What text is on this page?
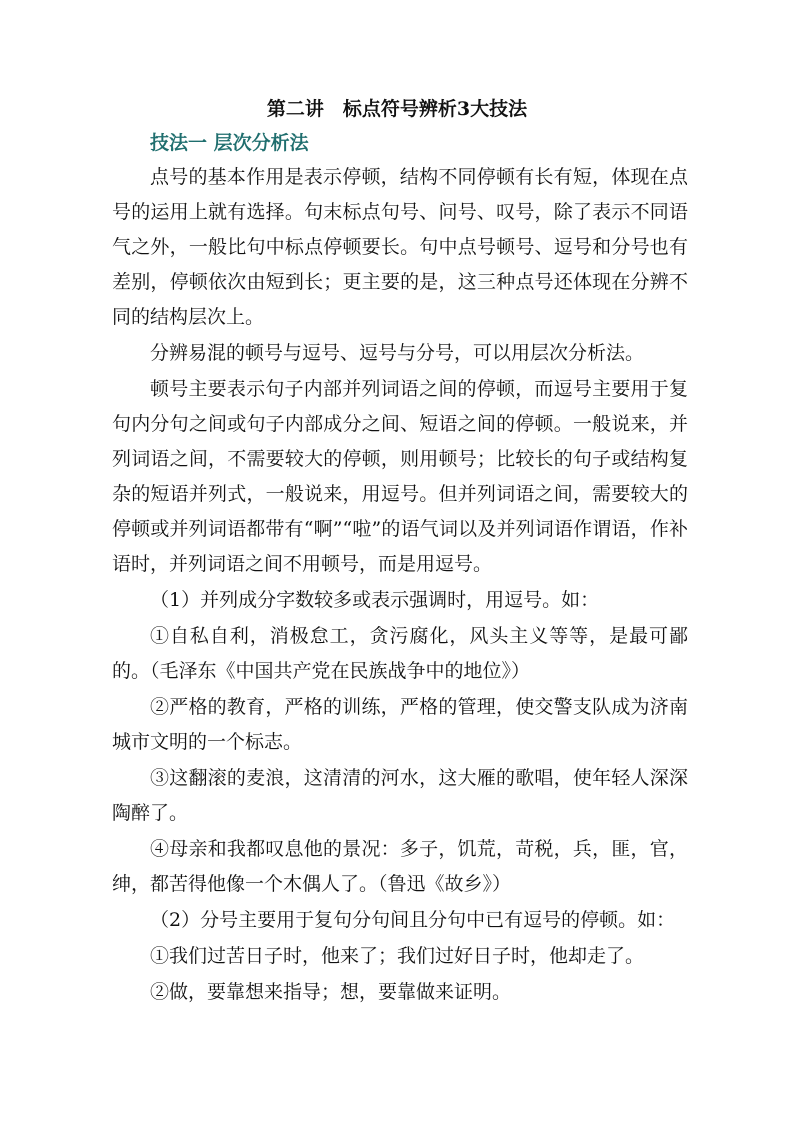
第二讲　标点符号辨析3大技法
技法一 层次分析法

点号的基本作用是表示停顿，结构不同停顿有长有短，体现在点号的运用上就有选择。句末标点句号、问号、叹号，除了表示不同语气之外，一般比句中标点停顿要长。句中点号顿号、逗号和分号也有差别，停顿依次由短到长；更主要的是，这三种点号还体现在分辨不同的结构层次上。

分辨易混的顿号与逗号、逗号与分号，可以用层次分析法。

顿号主要表示句子内部并列词语之间的停顿，而逗号主要用于复句内分句之间或句子内部成分之间、短语之间的停顿。一般说来，并列词语之间，不需要较大的停顿，则用顿号；比较长的句子或结构复杂的短语并列式，一般说来，用逗号。但并列词语之间，需要较大的停顿或并列词语都带有“啊”“啦”的语气词以及并列词语作谓语，作补语时，并列词语之间不用顿号，而是用逗号。

（1）并列成分字数较多或表示强调时，用逗号。如：

①自私自利，消极怠工，贪污腐化，风头主义等等，是最可鄙的。（毛泽东《中国共产党在民族战争中的地位》）

②严格的教育，严格的训练，严格的管理，使交警支队成为济南城市文明的一个标志。

③这翻滚的麦浪，这清清的河水，这大雁的歌唱，使年轻人深深陶醉了。

④母亲和我都叹息他的景况：多子，饥荒，苛税，兵，匪，官，绅，都苦得他像一个木偶人了。（鲁迅《故乡》）

（2）分号主要用于复句分句间且分句中已有逗号的停顿。如：

①我们过苦日子时，他来了；我们过好日子时，他却走了。

②做，要靠想来指导；想，要靠做来证明。
